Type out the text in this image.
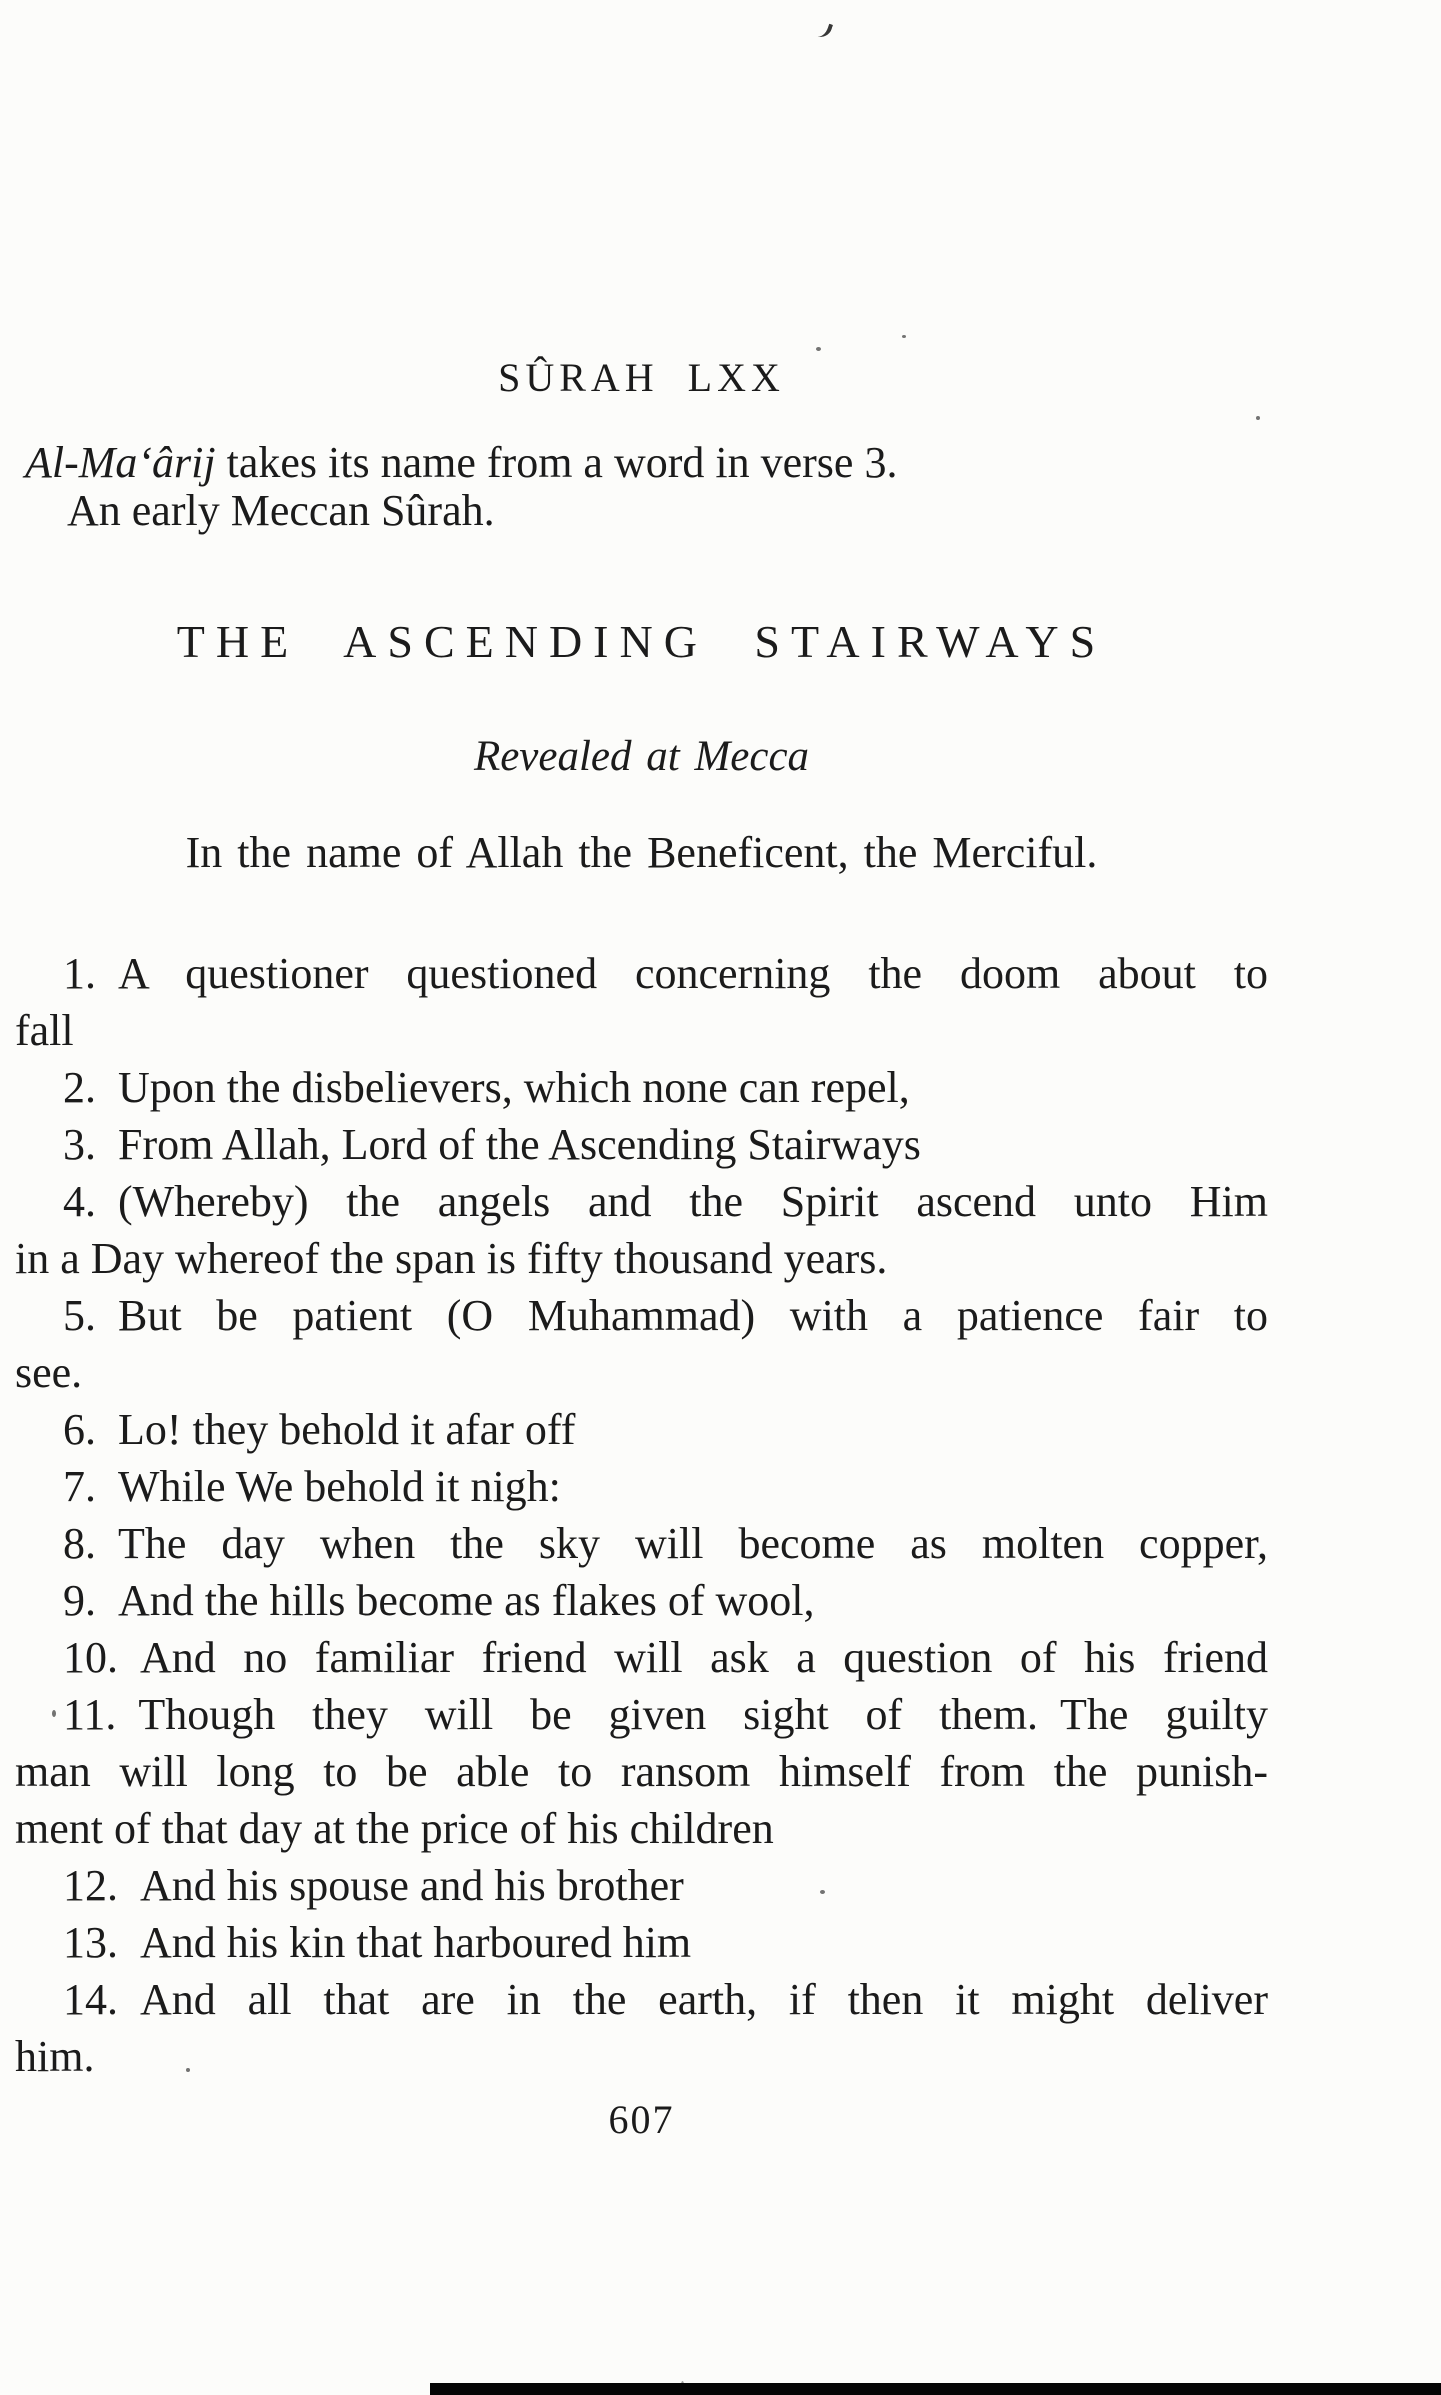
SÛRAH LXX
Al-Ma‘ârij takes its name from a word in verse 3.
An early Meccan Sûrah.
THE ASCENDING STAIRWAYS
Revealed at Mecca
In the name of Allah the Beneficent, the Merciful.
1. A questioner questioned concerning the doom about to
fall
2. Upon the disbelievers, which none can repel,
3. From Allah, Lord of the Ascending Stairways
4. (Whereby) the angels and the Spirit ascend unto Him
in a Day whereof the span is fifty thousand years.
5. But be patient (O Muhammad) with a patience fair to
see.
6. Lo! they behold it afar off
7. While We behold it nigh:
8. The day when the sky will become as molten copper,
9. And the hills become as flakes of wool,
10. And no familiar friend will ask a question of his friend
11. Though they will be given sight of them. The guilty
man will long to be able to ransom himself from the punish-
ment of that day at the price of his children
12. And his spouse and his brother
13. And his kin that harboured him
14. And all that are in the earth, if then it might deliver
him.
607
